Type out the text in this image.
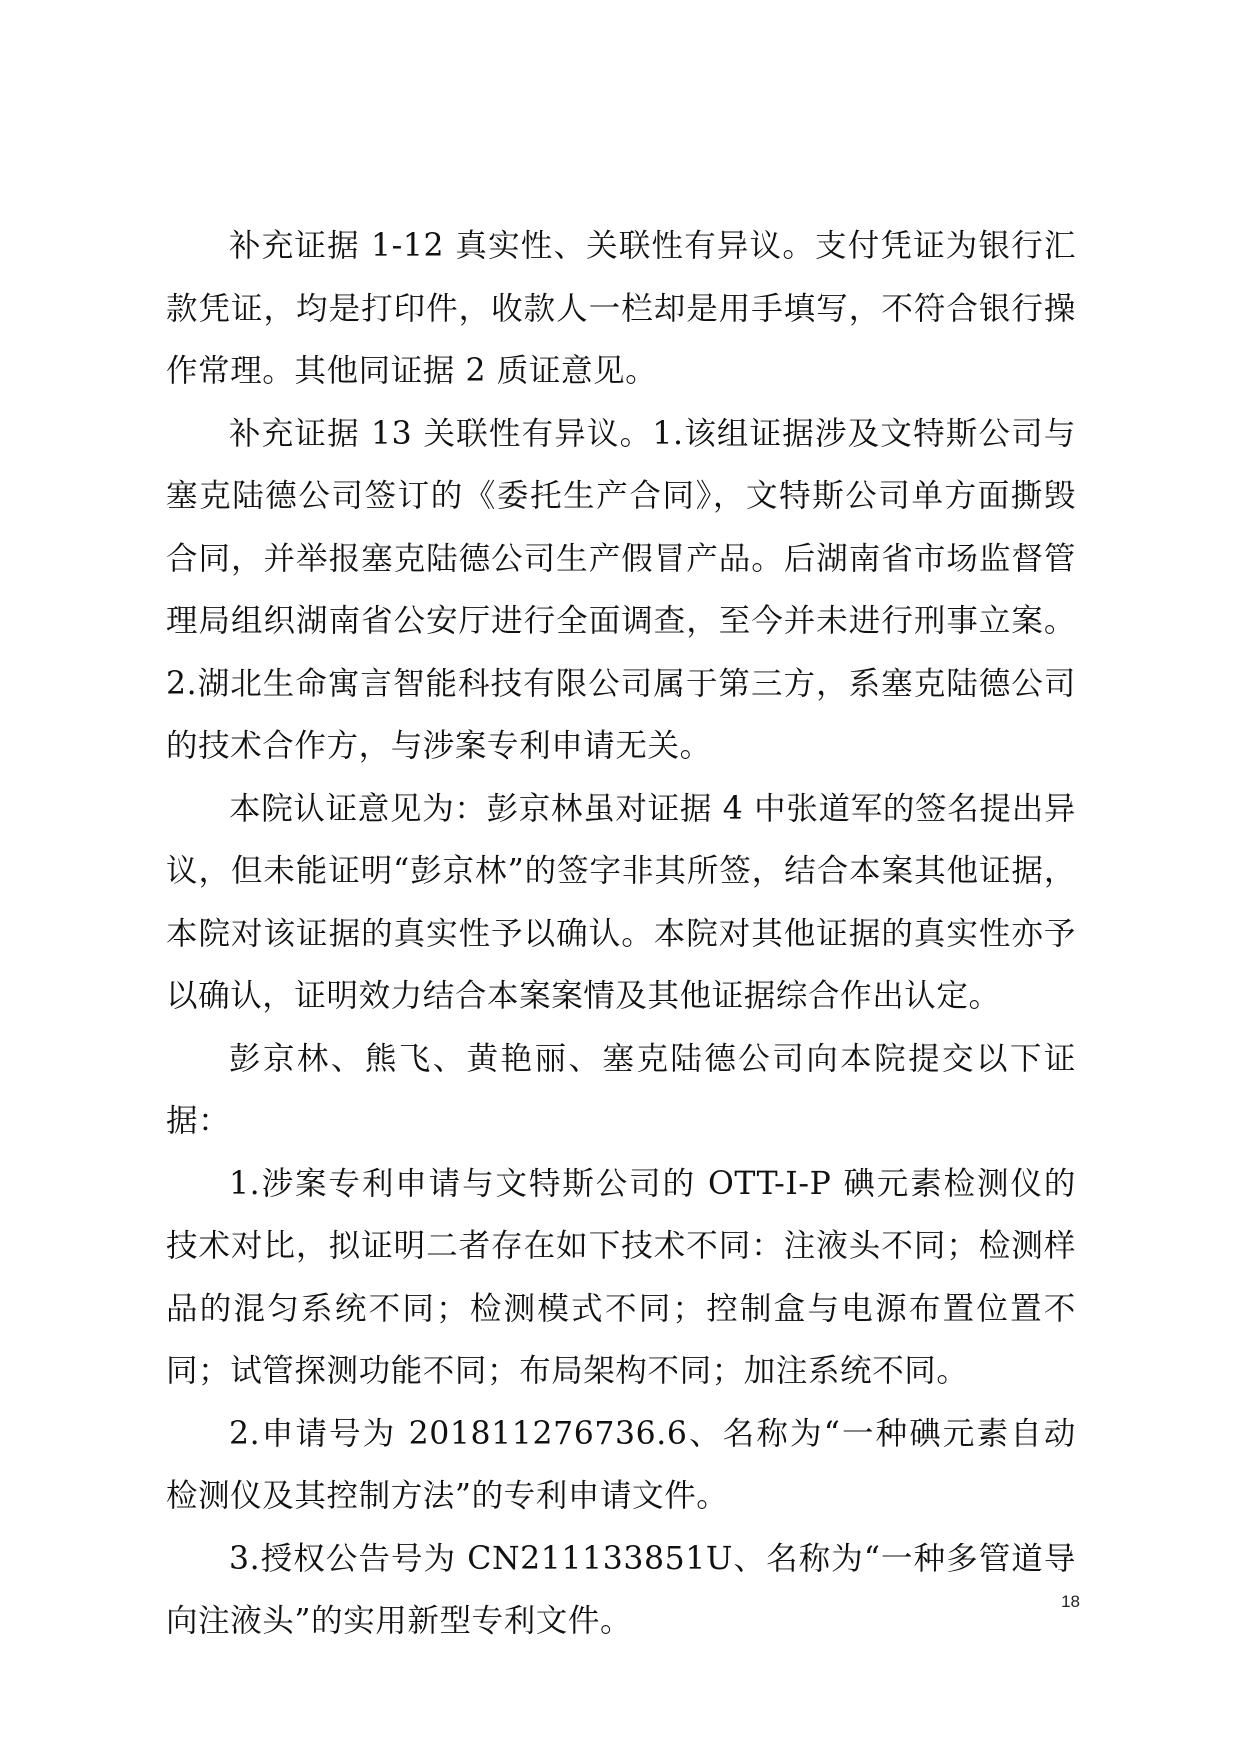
补充证据 1-12 真实性、关联性有异议。支付凭证为银行汇款凭证，均是打印件，收款人一栏却是用手填写，不符合银行操作常理。其他同证据 2 质证意见。

补充证据 13 关联性有异议。1.该组证据涉及文特斯公司与塞克陆德公司签订的《委托生产合同》，文特斯公司单方面撕毁合同，并举报塞克陆德公司生产假冒产品。后湖南省市场监督管理局组织湖南省公安厅进行全面调查，至今并未进行刑事立案。2.湖北生命寓言智能科技有限公司属于第三方，系塞克陆德公司的技术合作方，与涉案专利申请无关。

本院认证意见为：彭京林虽对证据 4 中张道军的签名提出异议，但未能证明“彭京林”的签字非其所签，结合本案其他证据，本院对该证据的真实性予以确认。本院对其他证据的真实性亦予以确认，证明效力结合本案案情及其他证据综合作出认定。

彭京林、熊飞、黄艳丽、塞克陆德公司向本院提交以下证据：

1.涉案专利申请与文特斯公司的 OTT-I-P 碘元素检测仪的技术对比，拟证明二者存在如下技术不同：注液头不同；检测样品的混匀系统不同；检测模式不同；控制盒与电源布置位置不同；试管探测功能不同；布局架构不同；加注系统不同。

2.申请号为 201811276736.6、名称为“一种碘元素自动检测仪及其控制方法”的专利申请文件。

3.授权公告号为 CN211133851U、名称为“一种多管道导向注液头”的实用新型专利文件。

18
